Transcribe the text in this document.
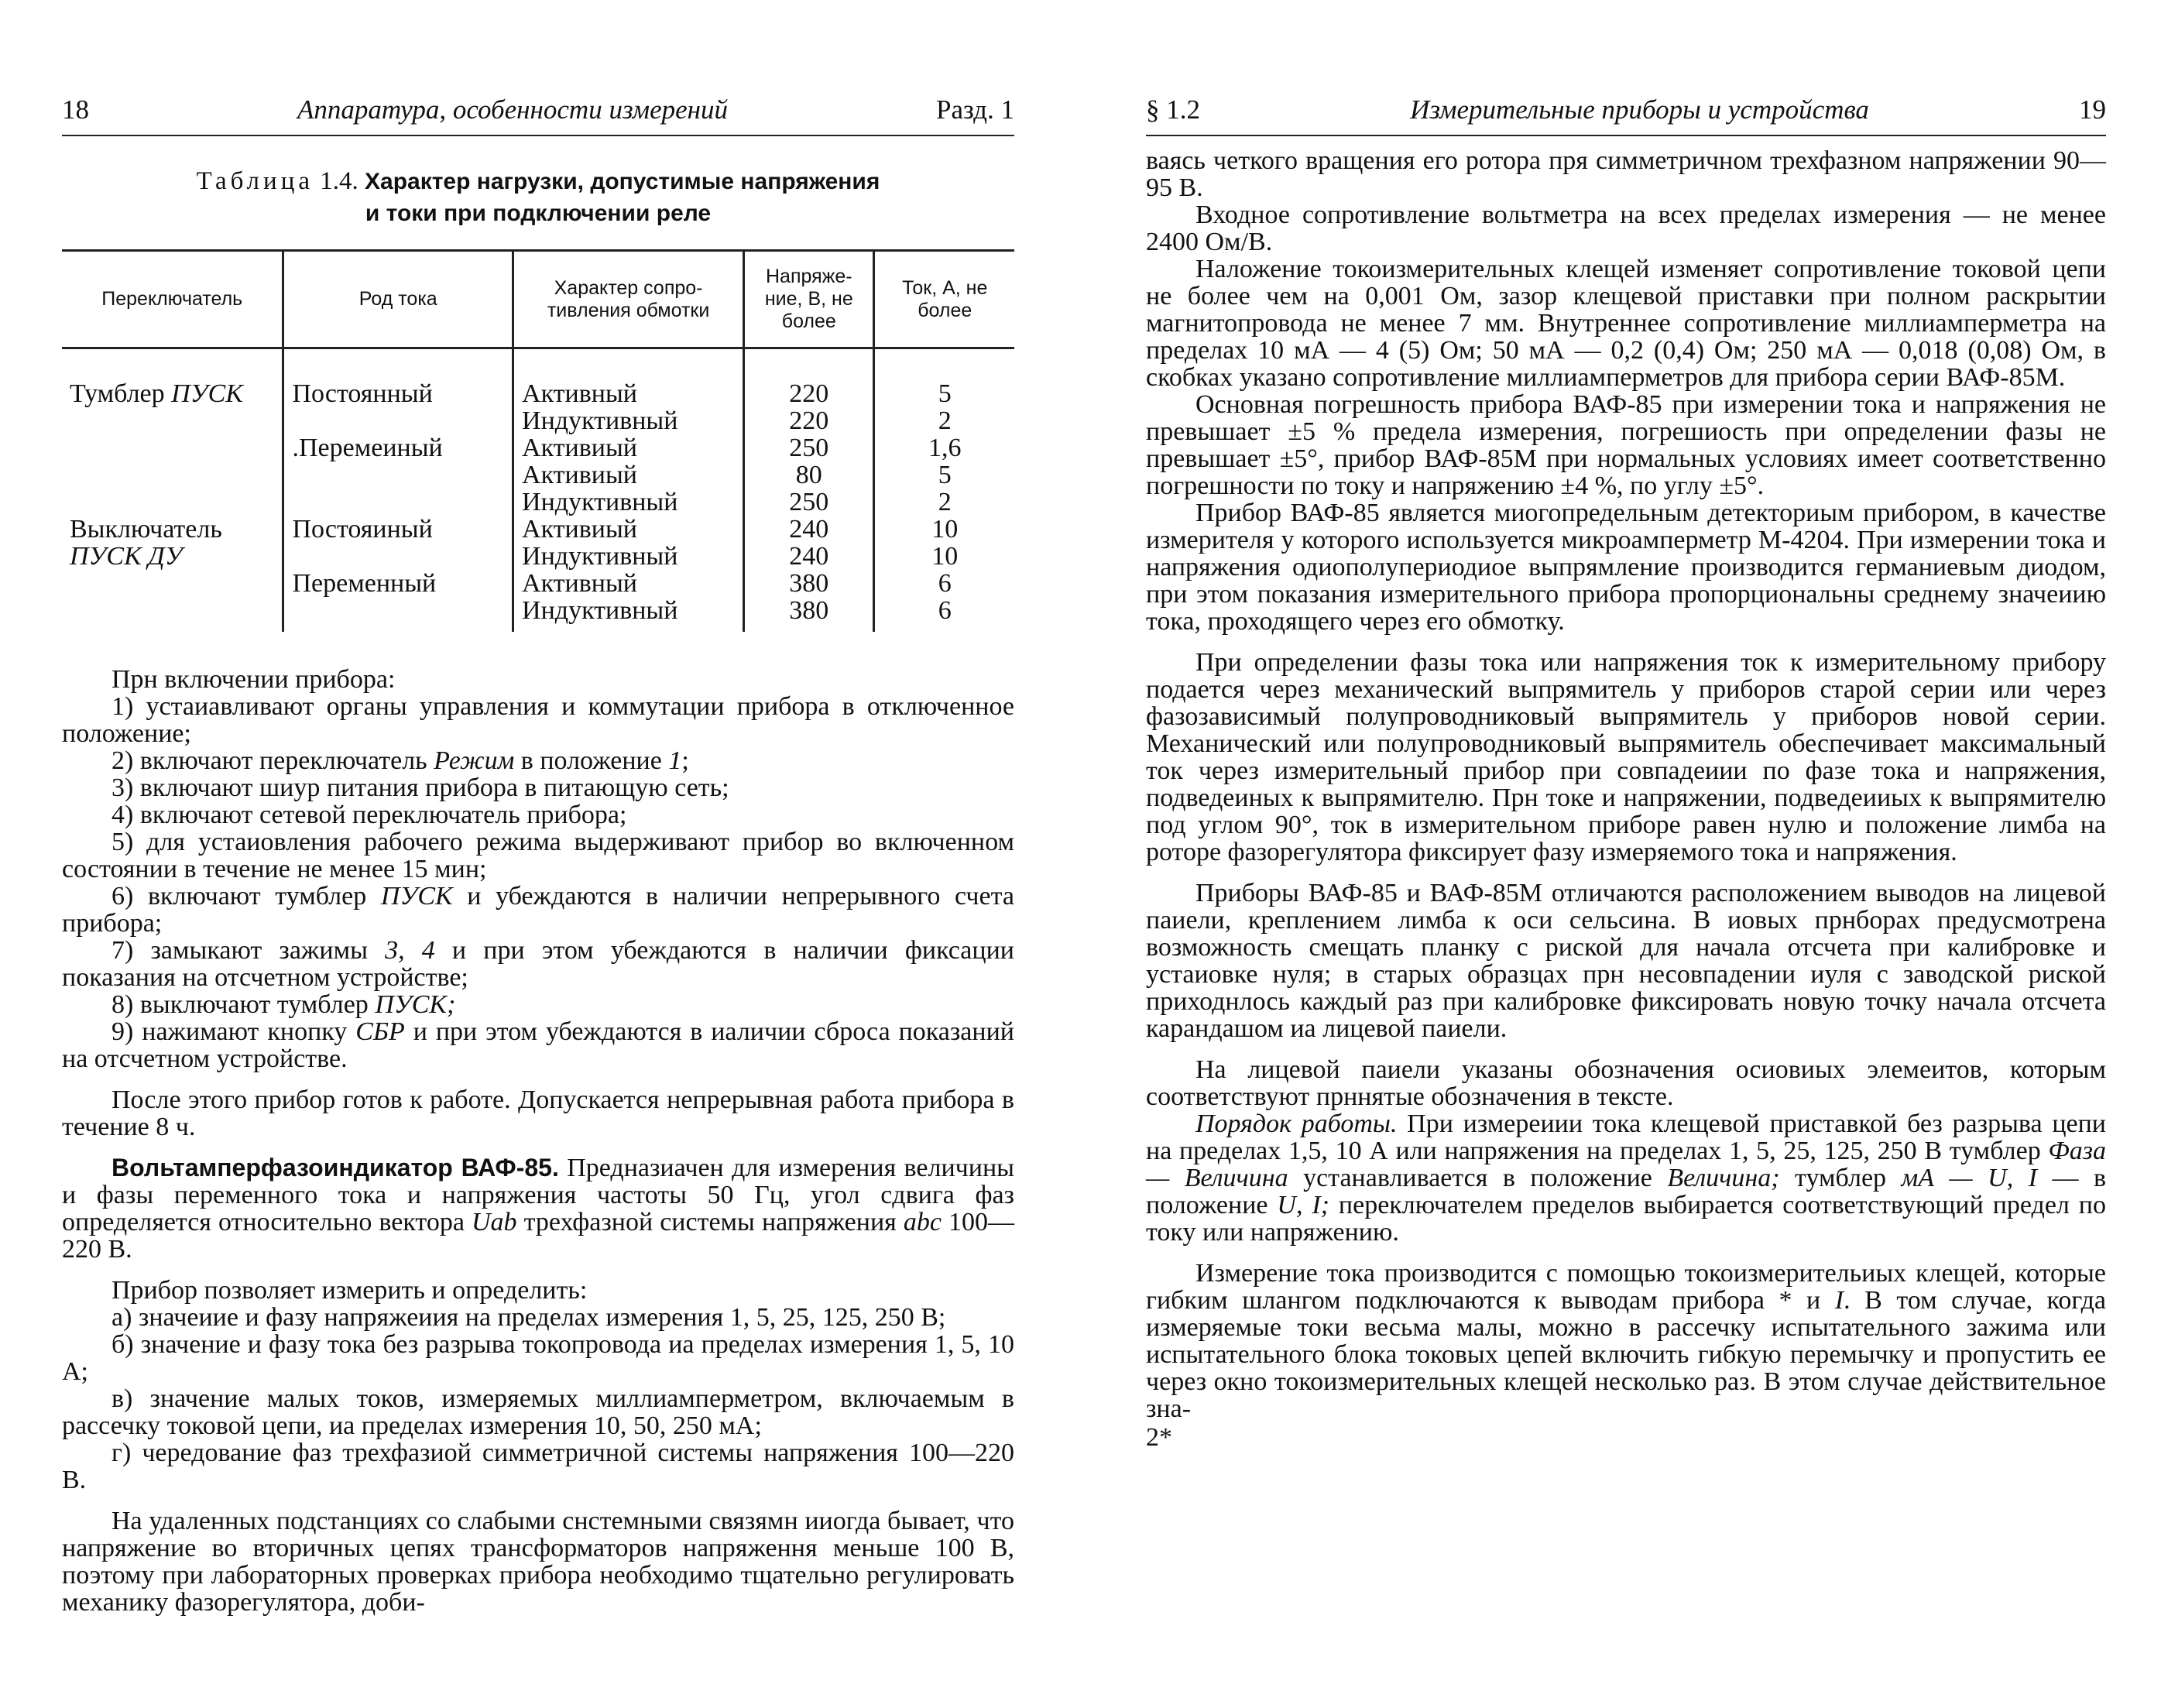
18	Аппаратура, особенности измерений	Разд. 1
Таблица 1.4. Характер нагрузки, допустимые напряжения
и токи при подключении реле
Переключатель	Род тока	Характер сопро-тивления обмотки	Напряже-ние, В, не более	Ток, А, не более
Тумблер ПУСК	Постоянный	Активный	220	5
		Индуктивный	220	2
	.Перемеиный	Активиый	250	1,6
		Активиый	80	5
		Индуктивный	250	2
Выключатель	Постояиный	Активиый	240	10
ПУСК ДУ		Индуктивный	240	10
	Переменный	Активный	380	6
		Индуктивный	380	6

Прн включении прибора:

1) устаиавливают органы управления и коммутации прибора в отключенное положение;

2) включают переключатель Режим в положение 1;

3) включают шиур питания прибора в питающую сеть;

4) включают сетевой переключатель прибора;

5) для устаиовления рабочего режима выдерживают прибор во включенном состоянии в течение не менее 15 мин;

6) включают тумблер ПУСК и убеждаются в наличии непрерывного счета прибора;

7) замыкают зажимы 3, 4 и при этом убеждаются в наличии фиксации показания на отсчетном устройстве;

8) выключают тумблер ПУСК;

9) нажимают кнопку СБР и при этом убеждаются в иаличии сброса показаний на отсчетном устройстве.

После этого прибор готов к работе. Допускается непрерывная работа прибора в течение 8 ч.

Вольтамперфазоиндикатор ВАФ-85. Предназиачен для измерения величины и фазы переменного тока и напряжения частоты 50 Гц, угол сдвига фаз определяется относительно вектора Uab трехфазной системы напряжения abc 100—220 В.

Прибор позволяет измерить и определить:

а) значеиие и фазу напряжеиия на пределах измерения 1, 5, 25, 125, 250 В;

б) значение и фазу тока без разрыва токопровода иа пределах измерения 1, 5, 10 А;

в) значение малых токов, измеряемых миллиамперметром, включаемым в рассечку токовой цепи, иа пределах измерения 10, 50, 250 мА;

г) чередование фаз трехфазиой симметричной системы напряжения 100—220 В.

На удаленных подстанциях со слабыми снстемными связямн ииогда бывает, что напряжение во вторичных цепях трансформаторов напряження меньше 100 В, поэтому при лабораторных проверках прибора необходимо тщательно регулировать механику фазорегулятора, доби-

§ 1.2	Измерительные приборы и устройства	19

ваясь четкого вращения его ротора пря симметричном трехфазном напряжении 90—95 В.

Входное сопротивление вольтметра на всех пределах измерения — не менее 2400 Ом/В.

Наложение токоизмерительных клещей изменяет сопротивление токовой цепи не более чем на 0,001 Ом, зазор клещевой приставки при полном раскрытии магнитопровода не менее 7 мм. Внутреннее сопротивление миллиамперметра на пределах 10 мА — 4 (5) Ом; 50 мА — 0,2 (0,4) Ом; 250 мА — 0,018 (0,08) Ом, в скобках указано сопротивление миллиамперметров для прибора серии ВАФ-85М.

Основная погрешность прибора ВАФ-85 при измерении тока и напряжения не превышает ±5 % предела измерения, погрешиость при определении фазы не превышает ±5°, прибор ВАФ-85М при нормальных условиях имеет соответственно погрешности по току и напряжению ±4 %, по углу ±5°.

Прибор ВАФ-85 является миогопредельным детекториым прибором, в качестве измерителя у которого используется микроамперметр М-4204. При измерении тока и напряжения одиополупериодиое выпрямление производится германиевым диодом, при этом показания измерительного прибора пропорциональны среднему значеиию тока, проходящего через его обмотку.

При определении фазы тока или напряжения ток к измерительному прибору подается через механический выпрямитель у приборов старой серии или через фазозависимый полупроводниковый выпрямитель у приборов новой серии. Механический или полупроводниковый выпрямитель обеспечивает максимальный ток через измерительный прибор при совпадеиии по фазе тока и напряжения, подведеиных к выпрямителю. Прн токе и напряжении, подведеииых к выпрямителю под углом 90°, ток в измерительном приборе равен нулю и положение лимба на роторе фазорегулятора фиксирует фазу измеряемого тока и напряжения.

Приборы ВАФ-85 и ВАФ-85М отличаются расположением выводов на лицевой паиели, креплением лимба к оси сельсина. В иовых прнборах предусмотрена возможность смещать планку с риской для начала отсчета при калибровке и устаиовке нуля; в старых образцах прн несовпадении иуля с заводской риской приходнлось каждый раз при калибровке фиксировать новую точку начала отсчета карандашом иа лицевой паиели.

На лицевой паиели указаны обозначения осиовиых элемеитов, которым соответствуют прннятые обозначения в тексте.

Порядок работы. При измереиии тока клещевой приставкой без разрыва цепи на пределах 1,5, 10 А или напряжения на пределах 1, 5, 25, 125, 250 В тумблер Фаза — Величина устанавливается в положение Величина; тумблер мА — U, I — в положение U, I; переключателем пределов выбирается соответствующий предел по току или напряжению.

Измерение тока производится с помощью токоизмерительиых клещей, которые гибким шлангом подключаются к выводам прибора * и I. В том случае, когда измеряемые токи весьма малы, можно в рассечку испытательного зажима или испытательного блока токовых цепей включить гибкую перемычку и пропустить ее через окно токоизмерительных клещей несколько раз. В этом случае действительное зна-

2*
